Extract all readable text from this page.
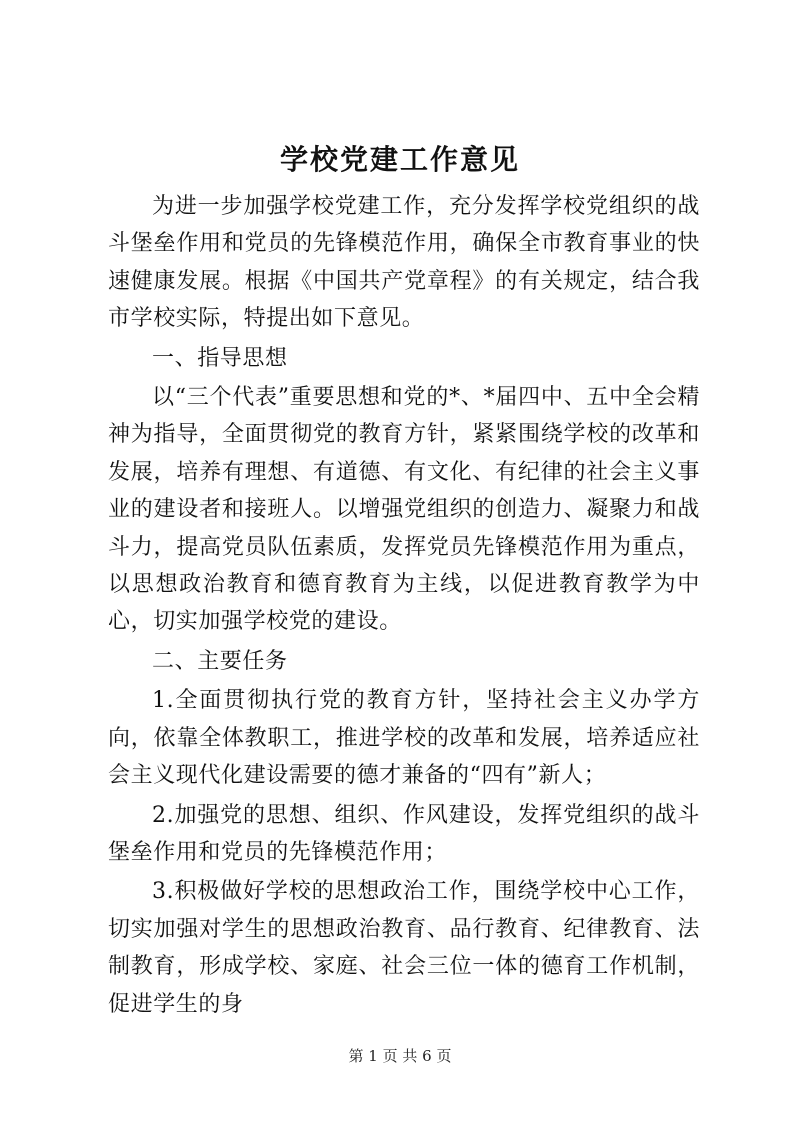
学校党建工作意见

为进一步加强学校党建工作，充分发挥学校党组织的战斗堡垒作用和党员的先锋模范作用，确保全市教育事业的快速健康发展。根据《中国共产党章程》的有关规定，结合我市学校实际，特提出如下意见。

一、指导思想

以“三个代表”重要思想和党的*、*届四中、五中全会精神为指导，全面贯彻党的教育方针，紧紧围绕学校的改革和发展，培养有理想、有道德、有文化、有纪律的社会主义事业的建设者和接班人。以增强党组织的创造力、凝聚力和战斗力，提高党员队伍素质，发挥党员先锋模范作用为重点，以思想政治教育和德育教育为主线，以促进教育教学为中心，切实加强学校党的建设。

二、主要任务

1.全面贯彻执行党的教育方针，坚持社会主义办学方向，依靠全体教职工，推进学校的改革和发展，培养适应社会主义现代化建设需要的德才兼备的“四有”新人；

2.加强党的思想、组织、作风建设，发挥党组织的战斗堡垒作用和党员的先锋模范作用；

3.积极做好学校的思想政治工作，围绕学校中心工作，切实加强对学生的思想政治教育、品行教育、纪律教育、法制教育，形成学校、家庭、社会三位一体的德育工作机制，促进学生的身

第 1 页 共 6 页
